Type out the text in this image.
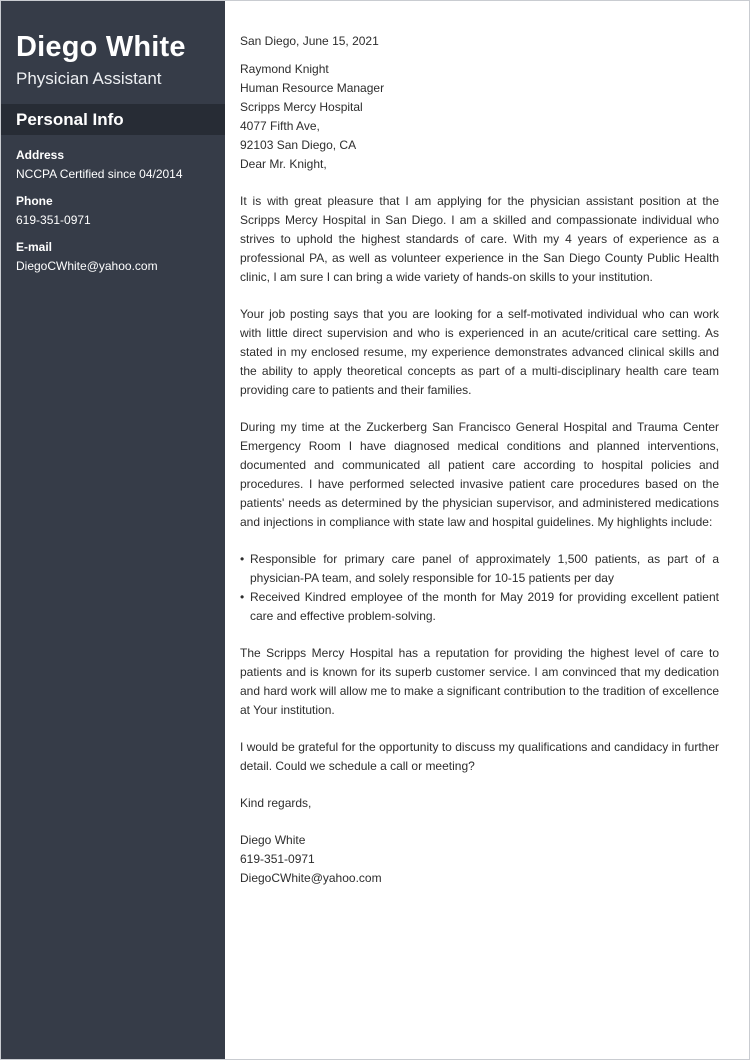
Diego White
Physician Assistant
Personal Info
Address
NCCPA Certified since 04/2014
Phone
619-351-0971
E-mail
DiegoCWhite@yahoo.com

San Diego, June 15, 2021

Raymond Knight
Human Resource Manager
Scripps Mercy Hospital
4077 Fifth Ave,
92103 San Diego, CA

Dear Mr. Knight,

It is with great pleasure that I am applying for the physician assistant position at the Scripps Mercy Hospital in San Diego. I am a skilled and compassionate individual who strives to uphold the highest standards of care. With my 4 years of experience as a professional PA, as well as volunteer experience in the San Diego County Public Health clinic, I am sure I can bring a wide variety of hands-on skills to your institution.

Your job posting says that you are looking for a self-motivated individual who can work with little direct supervision and who is experienced in an acute/critical care setting. As stated in my enclosed resume, my experience demonstrates advanced clinical skills and the ability to apply theoretical concepts as part of a multi-disciplinary health care team providing care to patients and their families.

During my time at the Zuckerberg San Francisco General Hospital and Trauma Center Emergency Room I have diagnosed medical conditions and planned interventions, documented and communicated all patient care according to hospital policies and procedures. I have performed selected invasive patient care procedures based on the patients' needs as determined by the physician supervisor, and administered medications and injections in compliance with state law and hospital guidelines. My highlights include:

• Responsible for primary care panel of approximately 1,500 patients, as part of a physician-PA team, and solely responsible for 10-15 patients per day
• Received Kindred employee of the month for May 2019 for providing excellent patient care and effective problem-solving.

The Scripps Mercy Hospital has a reputation for providing the highest level of care to patients and is known for its superb customer service. I am convinced that my dedication and hard work will allow me to make a significant contribution to the tradition of excellence at Your institution.

I would be grateful for the opportunity to discuss my qualifications and candidacy in further detail. Could we schedule a call or meeting?

Kind regards,

Diego White
619-351-0971
DiegoCWhite@yahoo.com
